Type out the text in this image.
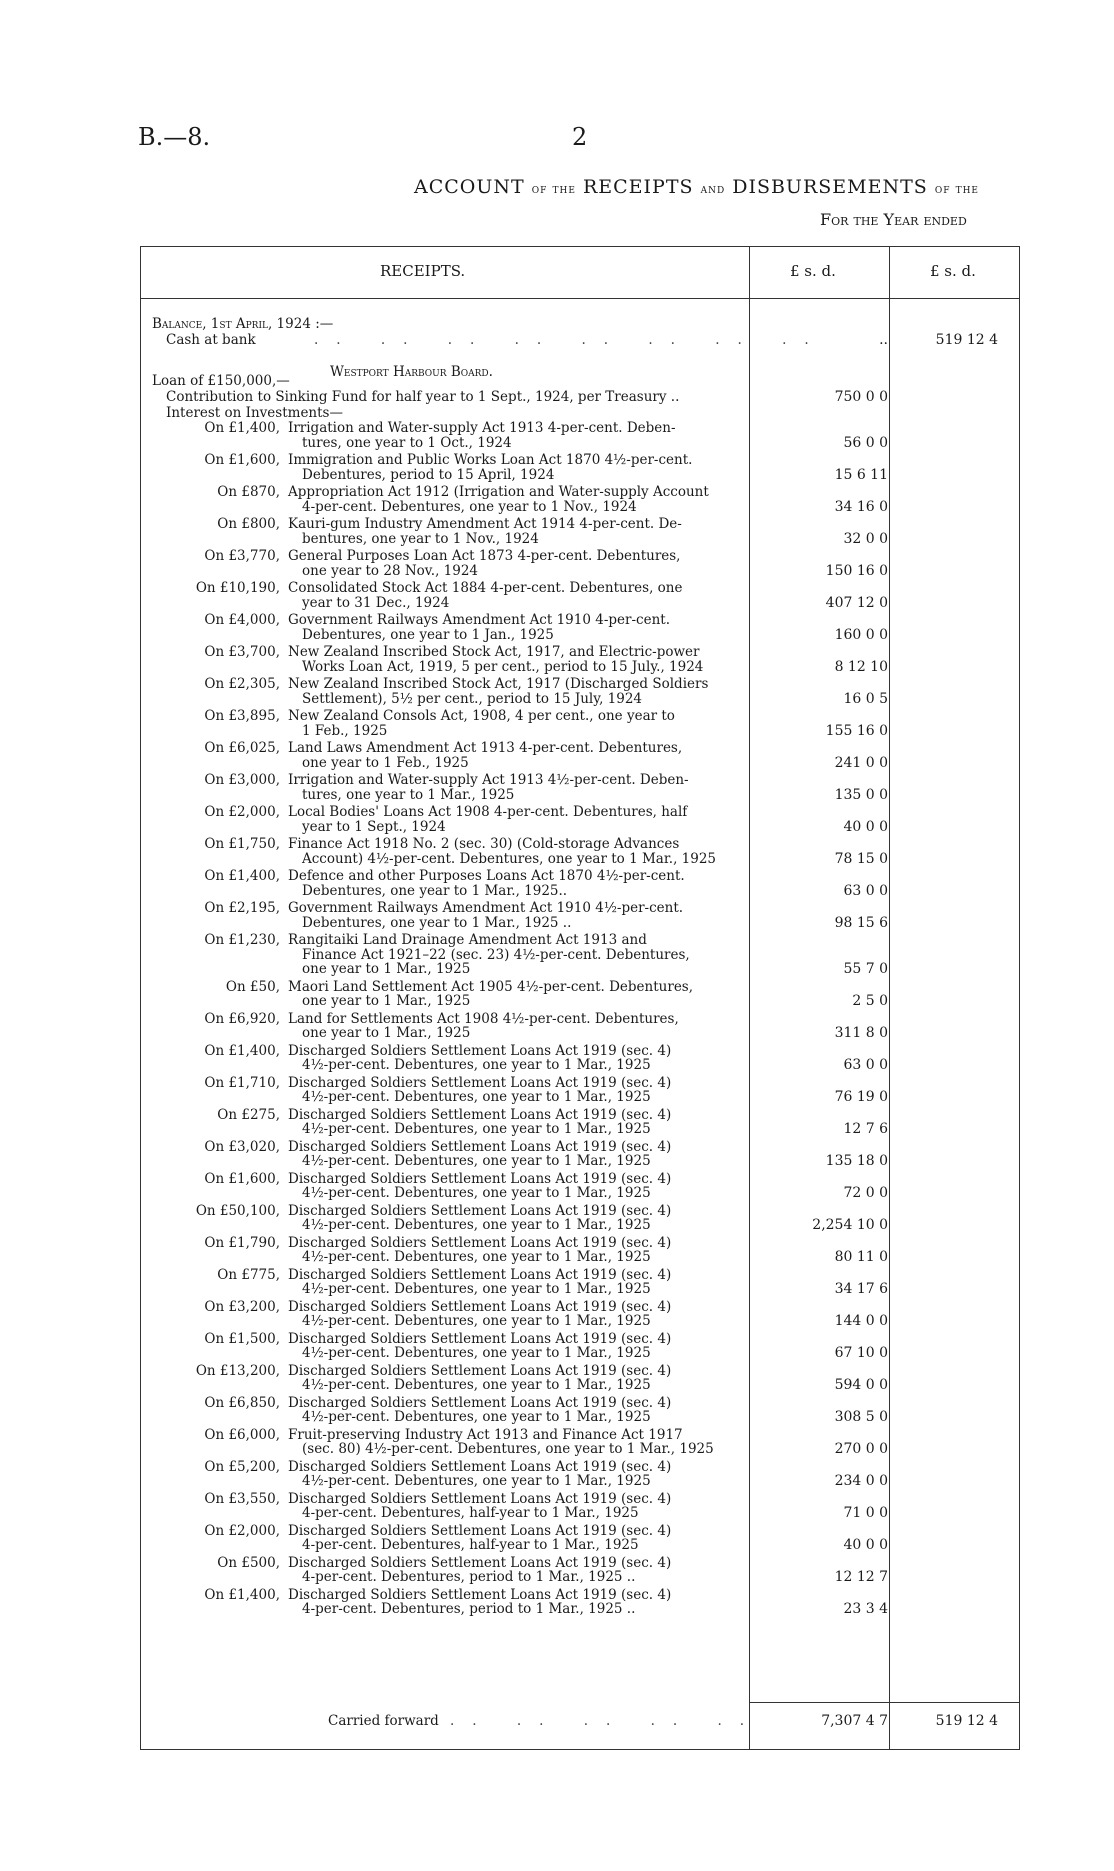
B.—8.	2
ACCOUNT of the RECEIPTS and DISBURSEMENTS of the
For the Year ended
RECEIPTS.	£ s. d.	£ s. d.
Balance, 1st April, 1924 :—
Cash at bank	.. .. .. .. .. .. .. ..	..	519 12 4
Westport Harbour Board.
Loan of £150,000,—
Contribution to Sinking Fund for half year to 1 Sept., 1924, per Treasury ..	750 0 0
Interest on Investments—
On £1,400, Irrigation and Water-supply Act 1913 4-per-cent. Deben-
tures, one year to 1 Oct., 1924	56 0 0
On £1,600, Immigration and Public Works Loan Act 1870 4½-per-cent.
Debentures, period to 15 April, 1924	15 6 11
On £870, Appropriation Act 1912 (Irrigation and Water-supply Account
4-per-cent. Debentures, one year to 1 Nov., 1924	34 16 0
On £800, Kauri-gum Industry Amendment Act 1914 4-per-cent. De-
bentures, one year to 1 Nov., 1924	32 0 0
On £3,770, General Purposes Loan Act 1873 4-per-cent. Debentures,
one year to 28 Nov., 1924	150 16 0
On £10,190, Consolidated Stock Act 1884 4-per-cent. Debentures, one
year to 31 Dec., 1924	407 12 0
On £4,000, Government Railways Amendment Act 1910 4-per-cent.
Debentures, one year to 1 Jan., 1925	160 0 0
On £3,700, New Zealand Inscribed Stock Act, 1917, and Electric-power
Works Loan Act, 1919, 5 per cent., period to 15 July., 1924	8 12 10
On £2,305, New Zealand Inscribed Stock Act, 1917 (Discharged Soldiers
Settlement), 5½ per cent., period to 15 July, 1924	16 0 5
On £3,895, New Zealand Consols Act, 1908, 4 per cent., one year to
1 Feb., 1925	155 16 0
On £6,025, Land Laws Amendment Act 1913 4-per-cent. Debentures,
one year to 1 Feb., 1925	241 0 0
On £3,000, Irrigation and Water-supply Act 1913 4½-per-cent. Deben-
tures, one year to 1 Mar., 1925	135 0 0
On £2,000, Local Bodies' Loans Act 1908 4-per-cent. Debentures, half
year to 1 Sept., 1924	40 0 0
On £1,750, Finance Act 1918 No. 2 (sec. 30) (Cold-storage Advances
Account) 4½-per-cent. Debentures, one year to 1 Mar., 1925	78 15 0
On £1,400, Defence and other Purposes Loans Act 1870 4½-per-cent.
Debentures, one year to 1 Mar., 1925..	63 0 0
On £2,195, Government Railways Amendment Act 1910 4½-per-cent.
Debentures, one year to 1 Mar., 1925 ..	98 15 6
On £1,230, Rangitaiki Land Drainage Amendment Act 1913 and
Finance Act 1921–22 (sec. 23) 4½-per-cent. Debentures,
one year to 1 Mar., 1925	55 7 0
On £50, Maori Land Settlement Act 1905 4½-per-cent. Debentures,
one year to 1 Mar., 1925	2 5 0
On £6,920, Land for Settlements Act 1908 4½-per-cent. Debentures,
one year to 1 Mar., 1925	311 8 0
On £1,400, Discharged Soldiers Settlement Loans Act 1919 (sec. 4)
4½-per-cent. Debentures, one year to 1 Mar., 1925	63 0 0
On £1,710, Discharged Soldiers Settlement Loans Act 1919 (sec. 4)
4½-per-cent. Debentures, one year to 1 Mar., 1925	76 19 0
On £275, Discharged Soldiers Settlement Loans Act 1919 (sec. 4)
4½-per-cent. Debentures, one year to 1 Mar., 1925	12 7 6
On £3,020, Discharged Soldiers Settlement Loans Act 1919 (sec. 4)
4½-per-cent. Debentures, one year to 1 Mar., 1925	135 18 0
On £1,600, Discharged Soldiers Settlement Loans Act 1919 (sec. 4)
4½-per-cent. Debentures, one year to 1 Mar., 1925	72 0 0
On £50,100, Discharged Soldiers Settlement Loans Act 1919 (sec. 4)
4½-per-cent. Debentures, one year to 1 Mar., 1925	2,254 10 0
On £1,790, Discharged Soldiers Settlement Loans Act 1919 (sec. 4)
4½-per-cent. Debentures, one year to 1 Mar., 1925	80 11 0
On £775, Discharged Soldiers Settlement Loans Act 1919 (sec. 4)
4½-per-cent. Debentures, one year to 1 Mar., 1925	34 17 6
On £3,200, Discharged Soldiers Settlement Loans Act 1919 (sec. 4)
4½-per-cent. Debentures, one year to 1 Mar., 1925	144 0 0
On £1,500, Discharged Soldiers Settlement Loans Act 1919 (sec. 4)
4½-per-cent. Debentures, one year to 1 Mar., 1925	67 10 0
On £13,200, Discharged Soldiers Settlement Loans Act 1919 (sec. 4)
4½-per-cent. Debentures, one year to 1 Mar., 1925	594 0 0
On £6,850, Discharged Soldiers Settlement Loans Act 1919 (sec. 4)
4½-per-cent. Debentures, one year to 1 Mar., 1925	308 5 0
On £6,000, Fruit-preserving Industry Act 1913 and Finance Act 1917
(sec. 80) 4½-per-cent. Debentures, one year to 1 Mar., 1925	270 0 0
On £5,200, Discharged Soldiers Settlement Loans Act 1919 (sec. 4)
4½-per-cent. Debentures, one year to 1 Mar., 1925	234 0 0
On £3,550, Discharged Soldiers Settlement Loans Act 1919 (sec. 4)
4-per-cent. Debentures, half-year to 1 Mar., 1925	71 0 0
On £2,000, Discharged Soldiers Settlement Loans Act 1919 (sec. 4)
4-per-cent. Debentures, half-year to 1 Mar., 1925	40 0 0
On £500, Discharged Soldiers Settlement Loans Act 1919 (sec. 4)
4-per-cent. Debentures, period to 1 Mar., 1925 ..	12 12 7
On £1,400, Discharged Soldiers Settlement Loans Act 1919 (sec. 4)
4-per-cent. Debentures, period to 1 Mar., 1925 ..	23 3 4
Carried forward .. .. .. .. ..	7,307 4 7	519 12 4
